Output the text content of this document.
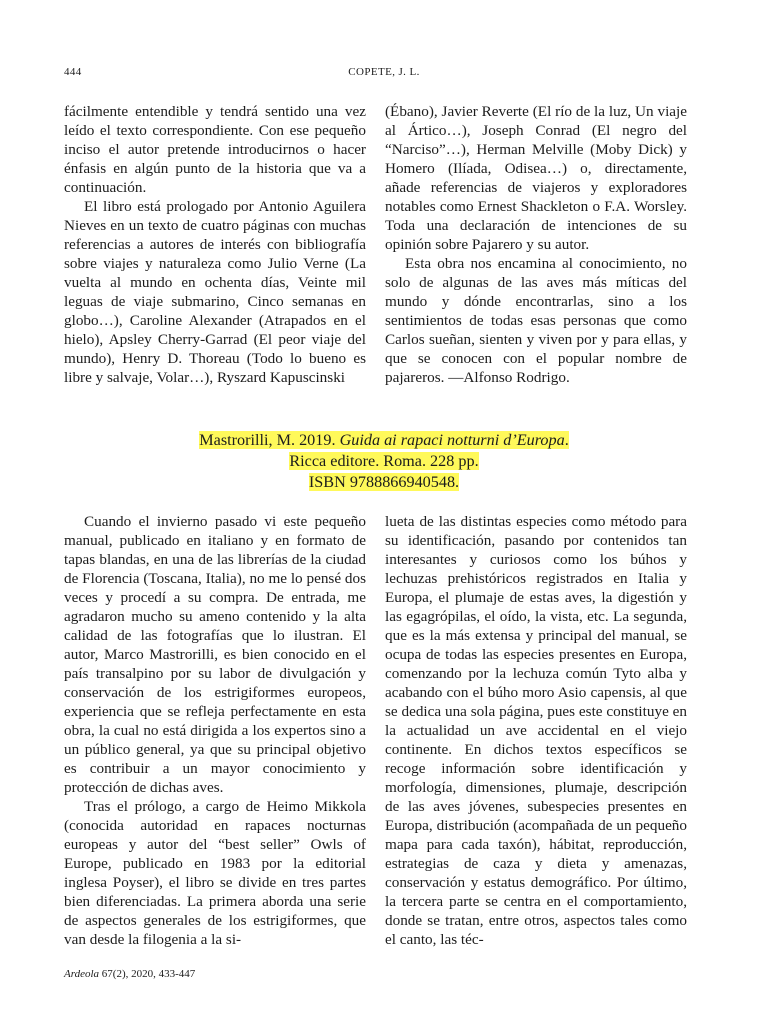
444	COPETE, J. L.

fácilmente entendible y tendrá sentido una vez leído el texto correspondiente. Con ese pequeño inciso el autor pretende introducirnos o hacer énfasis en algún punto de la historia que va a continuación.

El libro está prologado por Antonio Aguilera Nieves en un texto de cuatro páginas con muchas referencias a autores de interés con bibliografía sobre viajes y naturaleza como Julio Verne (La vuelta al mundo en ochenta días, Veinte mil leguas de viaje submarino, Cinco semanas en globo…), Caroline Alexander (Atrapados en el hielo), Apsley Cherry-Garrad (El peor viaje del mundo), Henry D. Thoreau (Todo lo bueno es libre y salvaje, Volar…), Ryszard Kapuscinski

(Ébano), Javier Reverte (El río de la luz, Un viaje al Ártico…), Joseph Conrad (El negro del “Narciso”…), Herman Melville (Moby Dick) y Homero (Ilíada, Odisea…) o, directamente, añade referencias de viajeros y exploradores notables como Ernest Shackleton o F.A. Worsley. Toda una declaración de intenciones de su opinión sobre Pajarero y su autor.

Esta obra nos encamina al conocimiento, no solo de algunas de las aves más míticas del mundo y dónde encontrarlas, sino a los sentimientos de todas esas personas que como Carlos sueñan, sienten y viven por y para ellas, y que se conocen con el popular nombre de pajareros. —Alfonso Rodrigo.

Mastrorilli, M. 2019. Guida ai rapaci notturni d’Europa.
Ricca editore. Roma. 228 pp.
ISBN 9788866940548.

Cuando el invierno pasado vi este pequeño manual, publicado en italiano y en formato de tapas blandas, en una de las librerías de la ciudad de Florencia (Toscana, Italia), no me lo pensé dos veces y procedí a su compra. De entrada, me agradaron mucho su ameno contenido y la alta calidad de las fotografías que lo ilustran. El autor, Marco Mastrorilli, es bien conocido en el país transalpino por su labor de divulgación y conservación de los estrigiformes europeos, experiencia que se refleja perfectamente en esta obra, la cual no está dirigida a los expertos sino a un público general, ya que su principal objetivo es contribuir a un mayor conocimiento y protección de dichas aves.

Tras el prólogo, a cargo de Heimo Mikkola (conocida autoridad en rapaces nocturnas europeas y autor del “best seller” Owls of Europe, publicado en 1983 por la editorial inglesa Poyser), el libro se divide en tres partes bien diferenciadas. La primera aborda una serie de aspectos generales de los estrigiformes, que van desde la filogenia a la si-

lueta de las distintas especies como método para su identificación, pasando por contenidos tan interesantes y curiosos como los búhos y lechuzas prehistóricos registrados en Italia y Europa, el plumaje de estas aves, la digestión y las egagrópilas, el oído, la vista, etc. La segunda, que es la más extensa y principal del manual, se ocupa de todas las especies presentes en Europa, comenzando por la lechuza común Tyto alba y acabando con el búho moro Asio capensis, al que se dedica una sola página, pues este constituye en la actualidad un ave accidental en el viejo continente. En dichos textos específicos se recoge información sobre identificación y morfología, dimensiones, plumaje, descripción de las aves jóvenes, subespecies presentes en Europa, distribución (acompañada de un pequeño mapa para cada taxón), hábitat, reproducción, estrategias de caza y dieta y amenazas, conservación y estatus demográfico. Por último, la tercera parte se centra en el comportamiento, donde se tratan, entre otros, aspectos tales como el canto, las téc-

Ardeola 67(2), 2020, 433-447
